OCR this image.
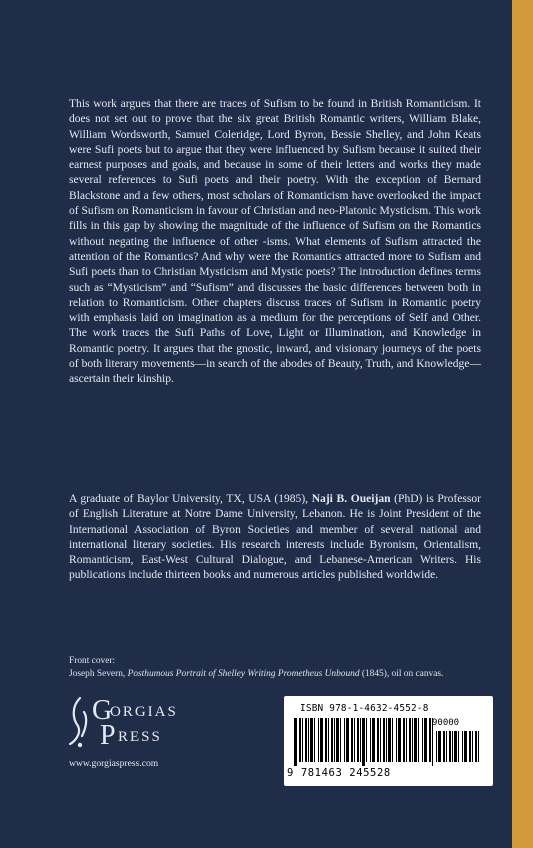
This work argues that there are traces of Sufism to be found in British Romanticism. It does not set out to prove that the six great British Romantic writers, William Blake, William Wordsworth, Samuel Coleridge, Lord Byron, Bessie Shelley, and John Keats were Sufi poets but to argue that they were influenced by Sufism because it suited their earnest purposes and goals, and because in some of their letters and works they made several references to Sufi poets and their poetry. With the exception of Bernard Blackstone and a few others, most scholars of Romanticism have overlooked the impact of Sufism on Romanticism in favour of Christian and neo-Platonic Mysticism. This work fills in this gap by showing the magnitude of the influence of Sufism on the Romantics without negating the influence of other -isms. What elements of Sufism attracted the attention of the Romantics? And why were the Romantics attracted more to Sufism and Sufi poets than to Christian Mysticism and Mystic poets? The introduction defines terms such as “Mysticism” and “Sufism” and discusses the basic differences between both in relation to Romanticism. Other chapters discuss traces of Sufism in Romantic poetry with emphasis laid on imagination as a medium for the perceptions of Self and Other. The work traces the Sufi Paths of Love, Light or Illumination, and Knowledge in Romantic poetry. It argues that the gnostic, inward, and visionary journeys of the poets of both literary movements—in search of the abodes of Beauty, Truth, and Knowledge—ascertain their kinship.

A graduate of Baylor University, TX, USA (1985), Naji B. Oueijan (PhD) is Professor of English Literature at Notre Dame University, Lebanon. He is Joint President of the International Association of Byron Societies and member of several national and international literary societies. His research interests include Byronism, Orientalism, Romanticism, East-West Cultural Dialogue, and Lebanese-American Writers. His publications include thirteen books and numerous articles published worldwide.

Front cover:
Joseph Severn, Posthumous Portrait of Shelley Writing Prometheus Unbound (1845), oil on canvas.
G
ORGIAS
P RESS
www.gorgiaspress.com
ISBN 978-1-4632-4552-8
90000
9 781463 245528
